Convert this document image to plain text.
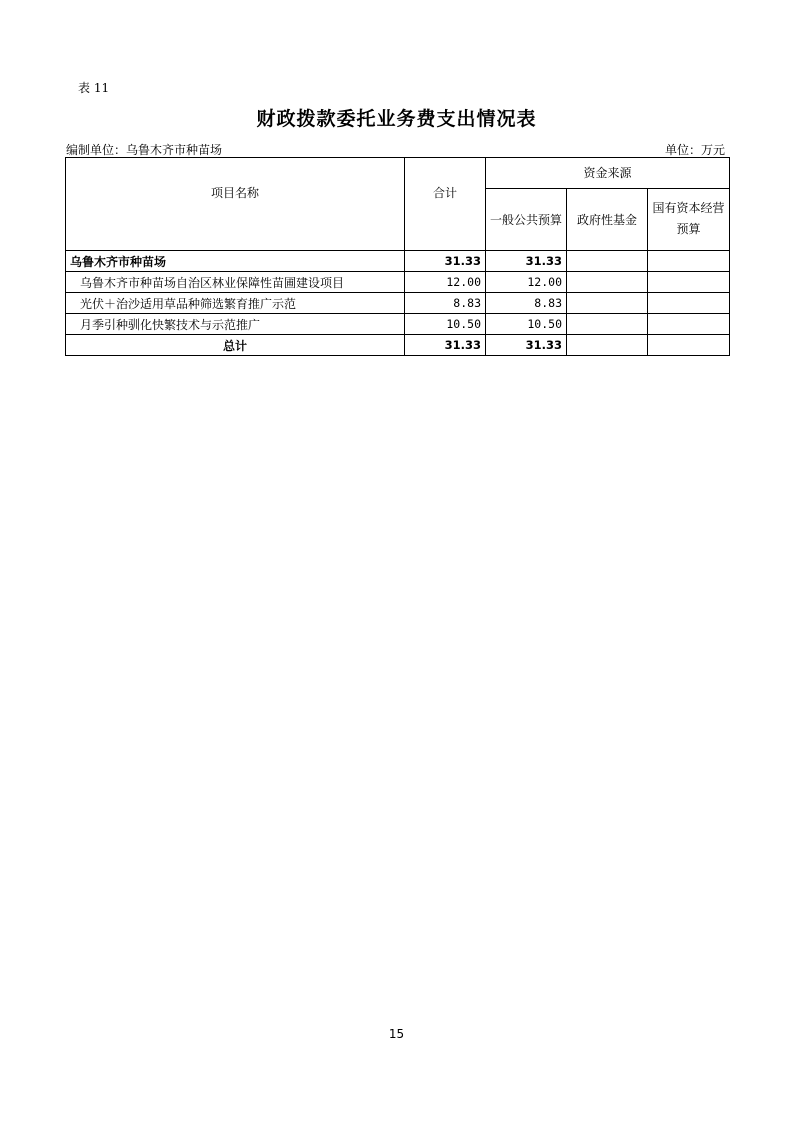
表 11
财政拨款委托业务费支出情况表
编制单位：乌鲁木齐市种苗场	单位：万元
项目名称	合计	资金来源		
		一般公共预算	政府性基金	国有资本经营
预算

乌鲁木齐市种苗场	31.33	31.33		
乌鲁木齐市种苗场自治区林业保障性苗圃建设项目	12.00	12.00		
光伏＋治沙适用草品种筛选繁育推广示范	8.83	8.83		
月季引种驯化快繁技术与示范推广	10.50	10.50		
总计	31.33	31.33		
15
